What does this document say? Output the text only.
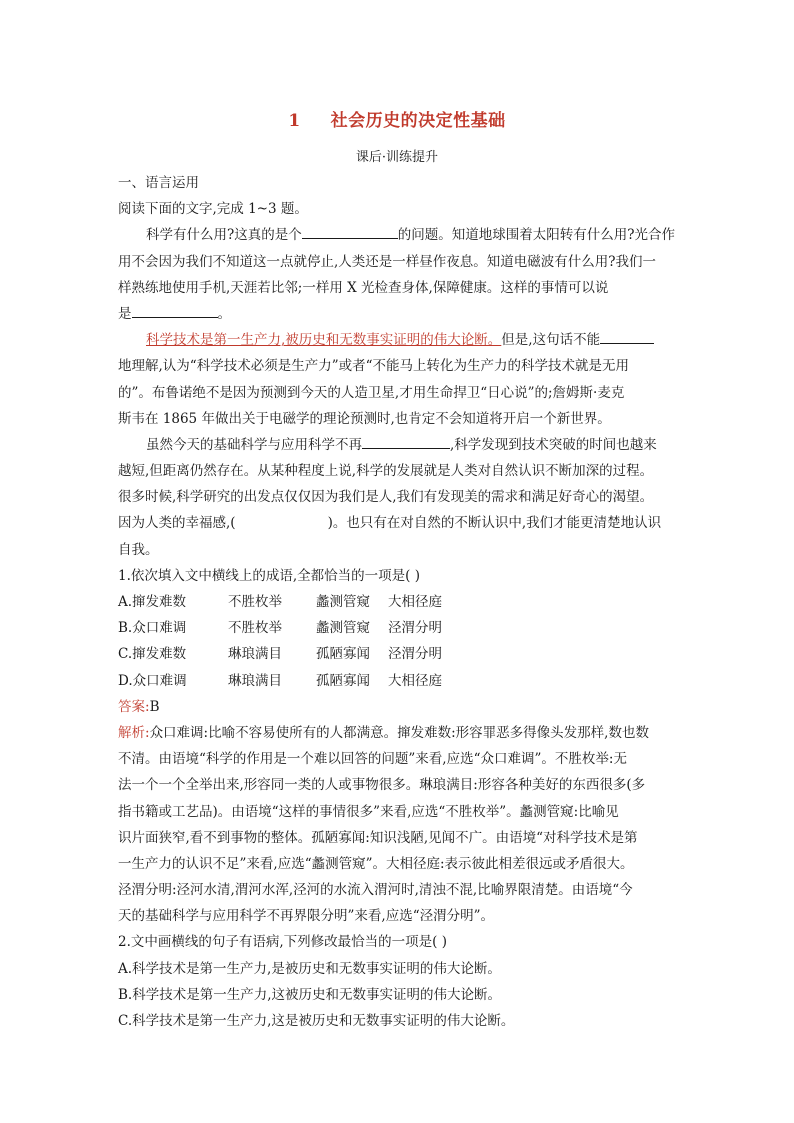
1 社会历史的决定性基础
课后·训练提升
一、语言运用
阅读下面的文字,完成 1~3 题。
科学有什么用?这真的是个	的问题。知道地球围着太阳转有什么用?光合作
用不会因为我们不知道这一点就停止,人类还是一样昼作夜息。知道电磁波有什么用?我们一
样熟练地使用手机,天涯若比邻;一样用 X 光检查身体,保障健康。这样的事情可以说
是	。
科学技术是第一生产力,被历史和无数事实证明的伟大论断。但是,这句话不能
地理解,认为“科学技术必须是生产力”或者“不能马上转化为生产力的科学技术就是无用
的”。布鲁诺绝不是因为预测到今天的人造卫星,才用生命捍卫“日心说”的;詹姆斯·麦克
斯韦在 1865 年做出关于电磁学的理论预测时,也肯定不会知道将开启一个新世界。
虽然今天的基础科学与应用科学不再	,科学发现到技术突破的时间也越来
越短,但距离仍然存在。从某种程度上说,科学的发展就是人类对自然认识不断加深的过程。
很多时候,科学研究的出发点仅仅因为我们是人,我们有发现美的需求和满足好奇心的渴望。
因为人类的幸福感,(	)。也只有在对自然的不断认识中,我们才能更清楚地认识
自我。
1.依次填入文中横线上的成语,全都恰当的一项是( )
A.撺发难数	不胜枚举	蠡测管窥 大相径庭
B.众口难调	不胜枚举	蠡测管窥 泾渭分明
C.撺发难数	琳琅满目	孤陋寡闻 泾渭分明
D.众口难调	琳琅满目	孤陋寡闻 大相径庭
答案:B
解析:众口难调:比喻不容易使所有的人都满意。撺发难数:形容罪恶多得像头发那样,数也数
不清。由语境“科学的作用是一个难以回答的问题”来看,应选“众口难调”。不胜枚举:无
法一个一个全举出来,形容同一类的人或事物很多。琳琅满目:形容各种美好的东西很多(多
指书籍或工艺品)。由语境“这样的事情很多”来看,应选“不胜枚举”。蠡测管窥:比喻见
识片面狭窄,看不到事物的整体。孤陋寡闻:知识浅陋,见闻不广。由语境“对科学技术是第
一生产力的认识不足”来看,应选“蠡测管窥”。大相径庭:表示彼此相差很远或矛盾很大。
泾渭分明:泾河水清,渭河水浑,泾河的水流入渭河时,清浊不混,比喻界限清楚。由语境“今
天的基础科学与应用科学不再界限分明”来看,应选“泾渭分明”。
2.文中画横线的句子有语病,下列修改最恰当的一项是( )
A.科学技术是第一生产力,是被历史和无数事实证明的伟大论断。
B.科学技术是第一生产力,这被历史和无数事实证明的伟大论断。
C.科学技术是第一生产力,这是被历史和无数事实证明的伟大论断。
